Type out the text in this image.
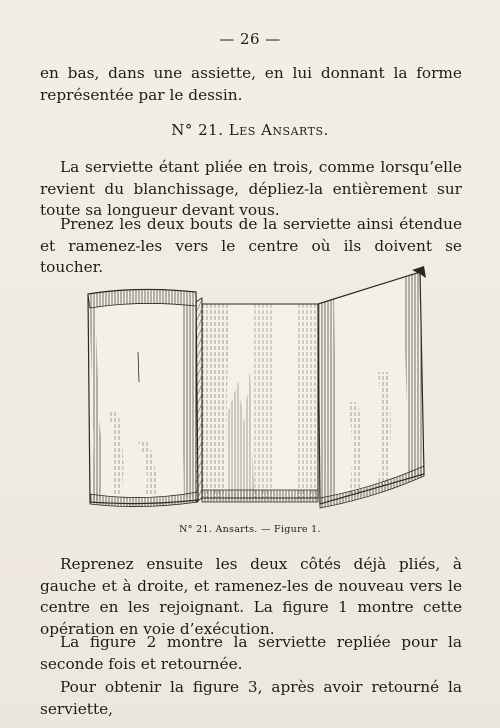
— 26 —

en bas, dans une assiette, en lui donnant la forme représentée par le dessin.

N° 21. Les Ansarts.

La serviette étant pliée en trois, comme lorsqu’elle revient du blanchissage, dépliez-la entièrement sur toute sa longueur devant vous.

Prenez les deux bouts de la serviette ainsi étendue et ramenez-les vers le centre où ils doivent se toucher.

N° 21. Ansarts. — Figure 1.

Reprenez ensuite les deux côtés déjà pliés, à gauche et à droite, et ramenez-les de nouveau vers le centre en les rejoignant. La figure 1 montre cette opération en voie d’exécution.

La figure 2 montre la serviette repliée pour la seconde fois et retournée.

Pour obtenir la figure 3, après avoir retourné la serviette,
